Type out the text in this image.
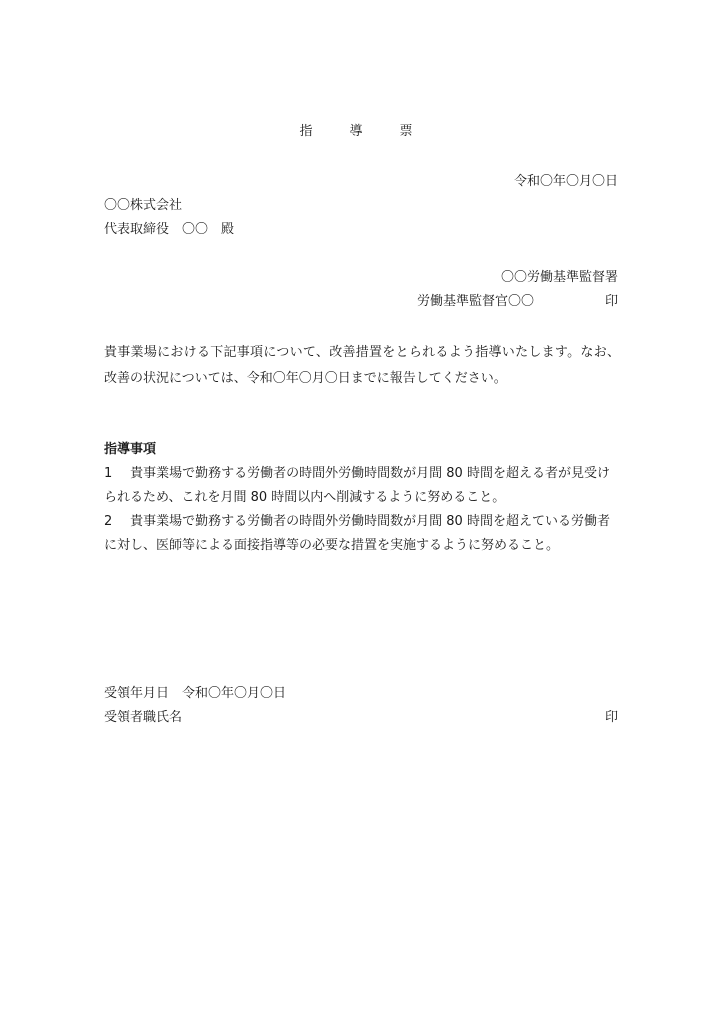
指　導　票
令和〇年〇月〇日
〇〇株式会社
代表取締役　〇〇　殿
〇〇労働基準監督署
労働基準監督官〇〇	印
貴事業場における下記事項について、改善措置をとられるよう指導いたします。なお、改善の状況については、令和〇年〇月〇日までに報告してください。
指導事項
1 貴事業場で勤務する労働者の時間外労働時間数が月間 80 時間を超える者が見受けられるため、これを月間 80 時間以内へ削減するように努めること。
2 貴事業場で勤務する労働者の時間外労働時間数が月間 80 時間を超えている労働者に対し、医師等による面接指導等の必要な措置を実施するように努めること。
受領年月日　令和〇年〇月〇日
受領者職氏名	印
